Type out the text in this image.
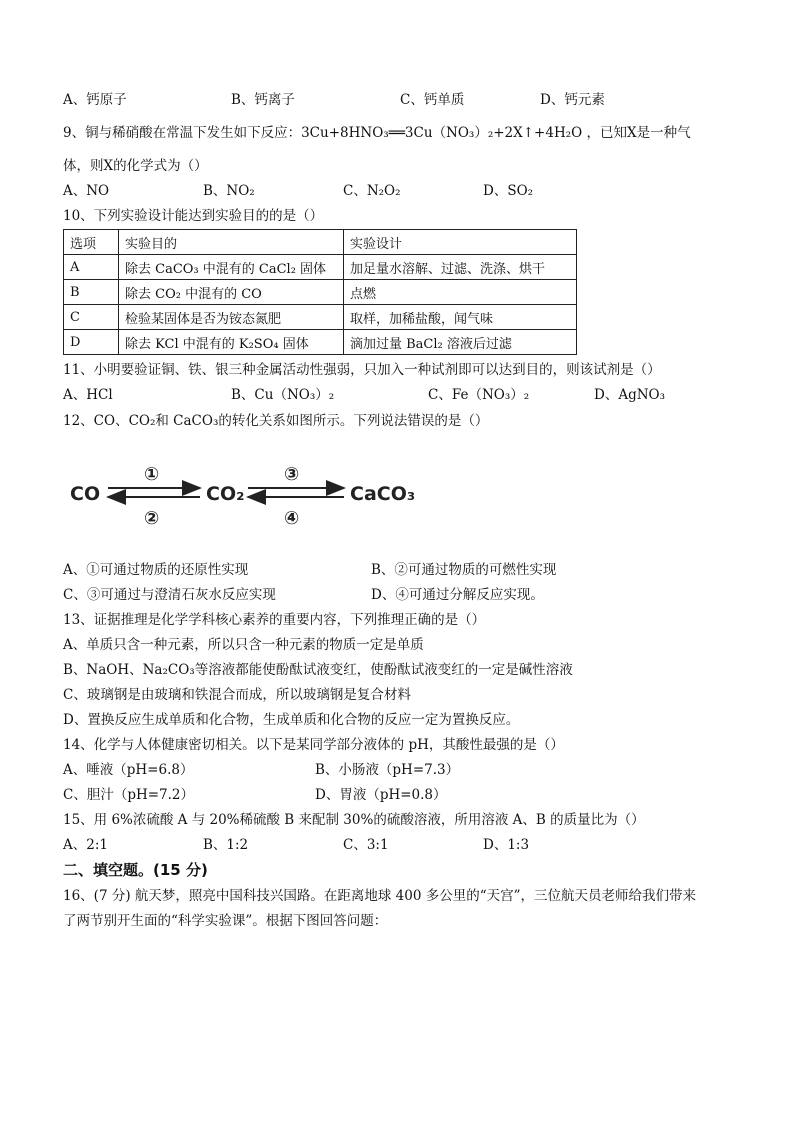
A、钙原子	B、钙离子	C、钙单质	D、钙元素
9、铜与稀硝酸在常温下发生如下反应：3Cu+8HNO₃══3Cu（NO₃）₂+2X↑+4H₂O ，已知X是一种气
体，则X的化学式为（）
A、NO	B、NO₂	C、N₂O₂	D、SO₂
10、下列实验设计能达到实验目的的是（）
选项	实验目的	实验设计
A	除去 CaCO₃ 中混有的 CaCl₂ 固体	加足量水溶解、过滤、洗涤、烘干
B	除去 CO₂ 中混有的 CO	点燃
C	检验某固体是否为铵态氮肥	取样，加稀盐酸，闻气味
D	除去 KCl 中混有的 K₂SO₄ 固体	滴加过量 BaCl₂ 溶液后过滤
11、小明要验证铜、铁、银三种金属活动性强弱，只加入一种试剂即可以达到目的，则该试剂是（）
A、HCl	B、Cu（NO₃）₂	C、Fe（NO₃）₂	D、AgNO₃
12、CO、CO₂和 CaCO₃的转化关系如图所示。下列说法错误的是（）
CO	CO₂	CaCO₃
①
②
③
④
A、①可通过物质的还原性实现	B、②可通过物质的可燃性实现
C、③可通过与澄清石灰水反应实现	D、④可通过分解反应实现。
13、证据推理是化学学科核心素养的重要内容，下列推理正确的是（）
A、单质只含一种元素，所以只含一种元素的物质一定是单质
B、NaOH、Na₂CO₃等溶液都能使酚酞试液变红，使酚酞试液变红的一定是碱性溶液
C、玻璃钢是由玻璃和铁混合而成，所以玻璃钢是复合材料
D、置换反应生成单质和化合物，生成单质和化合物的反应一定为置换反应。
14、化学与人体健康密切相关。以下是某同学部分液体的 pH，其酸性最强的是（）
A、唾液（pH=6.8）	B、小肠液（pH=7.3）
C、胆汁（pH=7.2）	D、胃液（pH=0.8）
15、用 6%浓硫酸 A 与 20%稀硫酸 B 来配制 30%的硫酸溶液，所用溶液 A、B 的质量比为（）
A、2:1	B、1:2	C、3:1	D、1:3
二、填空题。(15 分)
16、(7 分) 航天梦，照亮中国科技兴国路。在距离地球 400 多公里的“天宫”，三位航天员老师给我们带来
了两节别开生面的“科学实验课”。根据下图回答问题：
